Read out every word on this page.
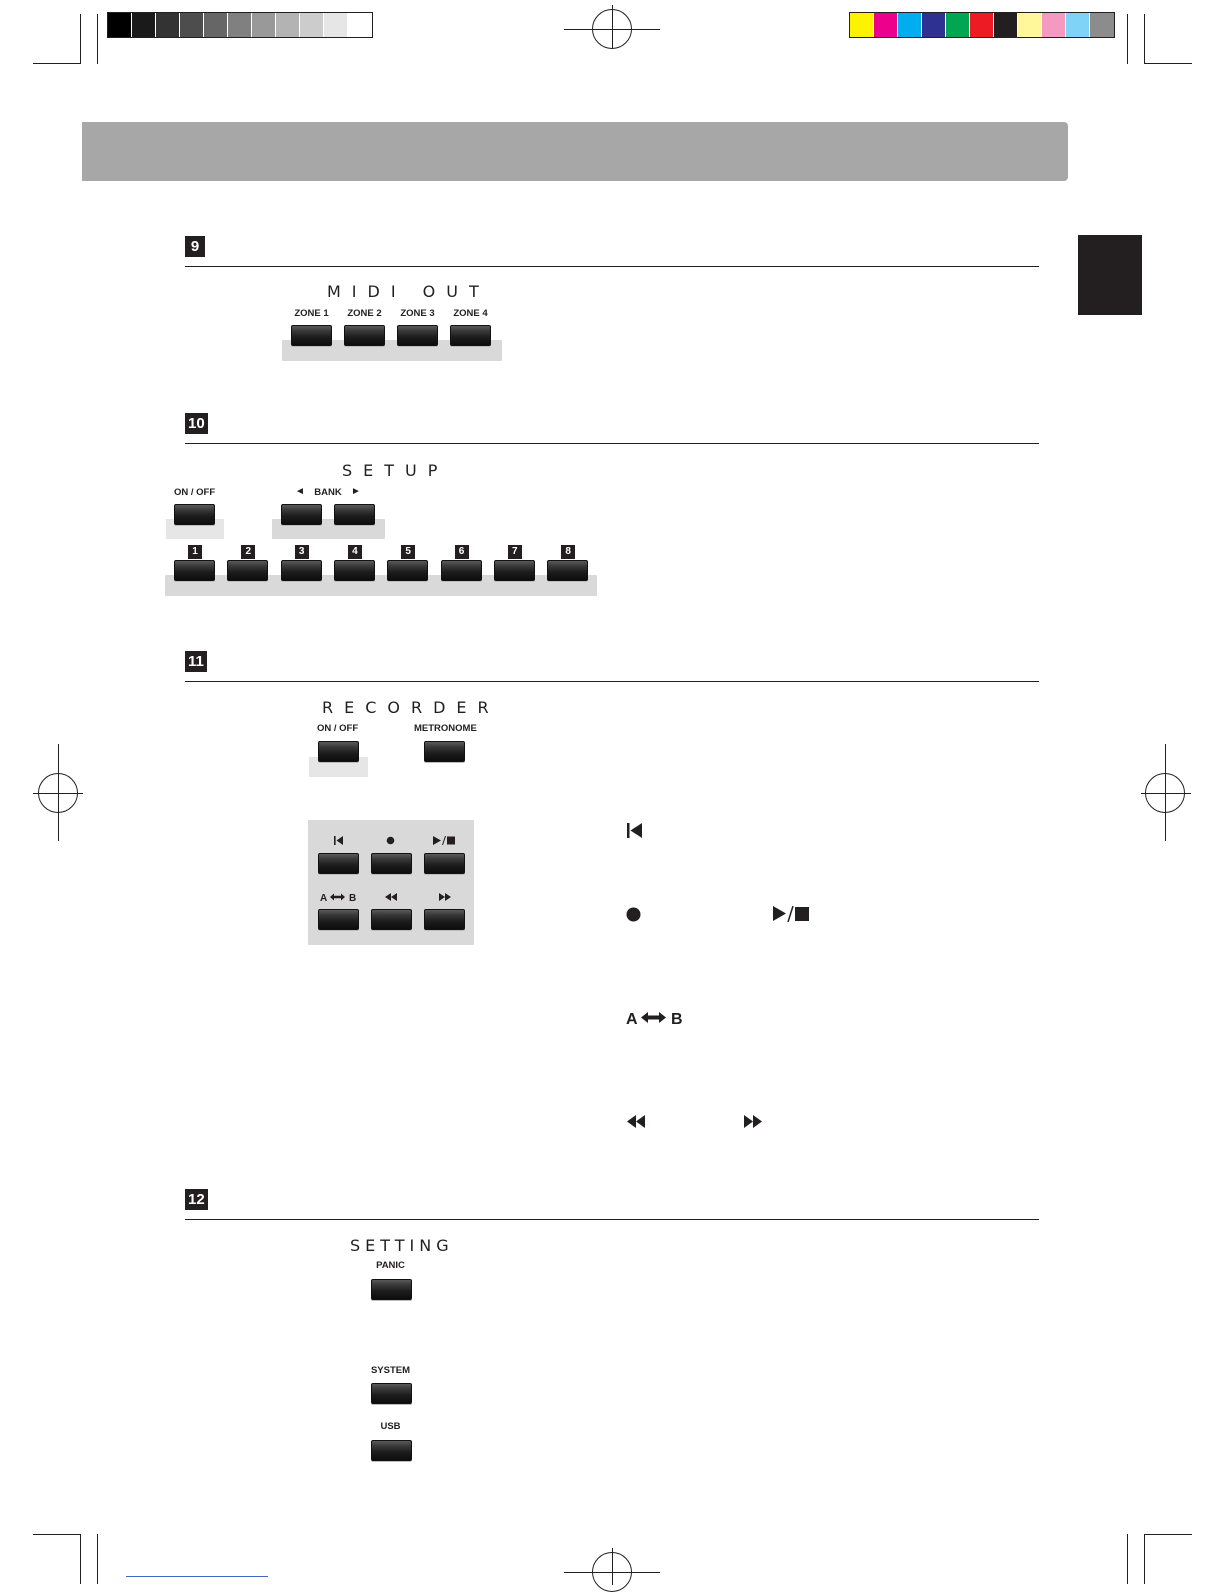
9
MIDI OUT
ZONE 1	ZONE 2	ZONE 3	ZONE 4
10
SETUP
ON / OFF	◄ BANK ►
1	2	3	4	5	6	7	8
11
RECORDER
ON / OFF	METRONOME
A B
A B
12
SETTING
PANIC
SYSTEM
USB
